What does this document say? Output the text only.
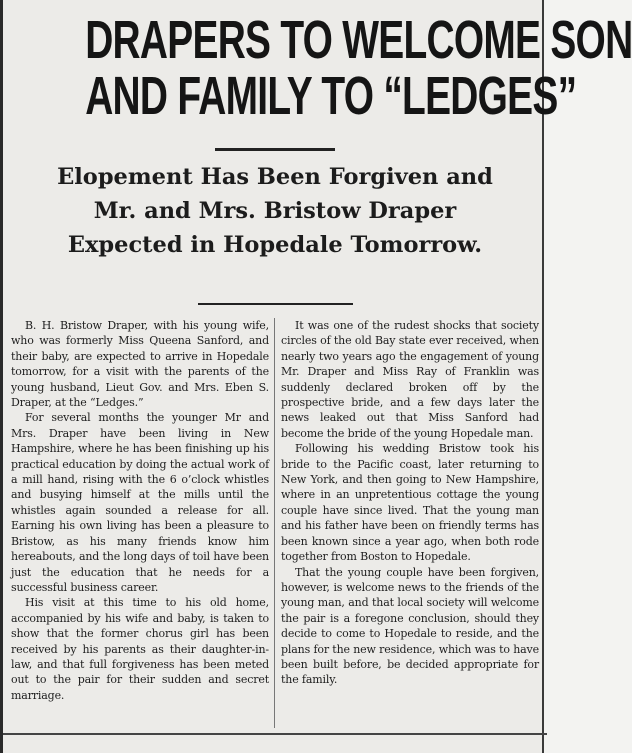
DRAPERS TO WELCOME SON
AND FAMILY TO “LEDGES”
Elopement Has Been Forgiven and
Mr. and Mrs. Bristow Draper
Expected in Hopedale Tomorrow.

B. H. Bristow Draper, with his young wife, who was formerly Miss Queena Sanford, and their baby, are expected to arrive in Hopedale tomorrow, for a visit with the parents of the young husband, Lieut Gov. and Mrs. Eben S. Draper, at the “Ledges.”

For several months the younger Mr and Mrs. Draper have been living in New Hampshire, where he has been finishing up his practical education by doing the actual work of a mill hand, rising with the 6 o’clock whistles and busying himself at the mills until the whistles again sounded a release for all. Earning his own living has been a pleasure to Bristow, as his many friends know him hereabouts, and the long days of toil have been just the education that he needs for a successful business career.

His visit at this time to his old home, accompanied by his wife and baby, is taken to show that the former chorus girl has been received by his parents as their daughter-in-law, and that full forgiveness has been meted out to the pair for their sudden and secret marriage.

It was one of the rudest shocks that society circles of the old Bay state ever received, when nearly two years ago the engagement of young Mr. Draper and Miss Ray of Franklin was suddenly declared broken off by the prospective bride, and a few days later the news leaked out that Miss Sanford had become the bride of the young Hopedale man.

Following his wedding Bristow took his bride to the Pacific coast, later returning to New York, and then going to New Hampshire, where in an unpretentious cottage the young couple have since lived. That the young man and his father have been on friendly terms has been known since a year ago, when both rode together from Boston to Hopedale.

That the young couple have been forgiven, however, is welcome news to the friends of the young man, and that local society will welcome the pair is a foregone conclusion, should they decide to come to Hopedale to reside, and the plans for the new residence, which was to have been built before, be decided appropriate for the family.
